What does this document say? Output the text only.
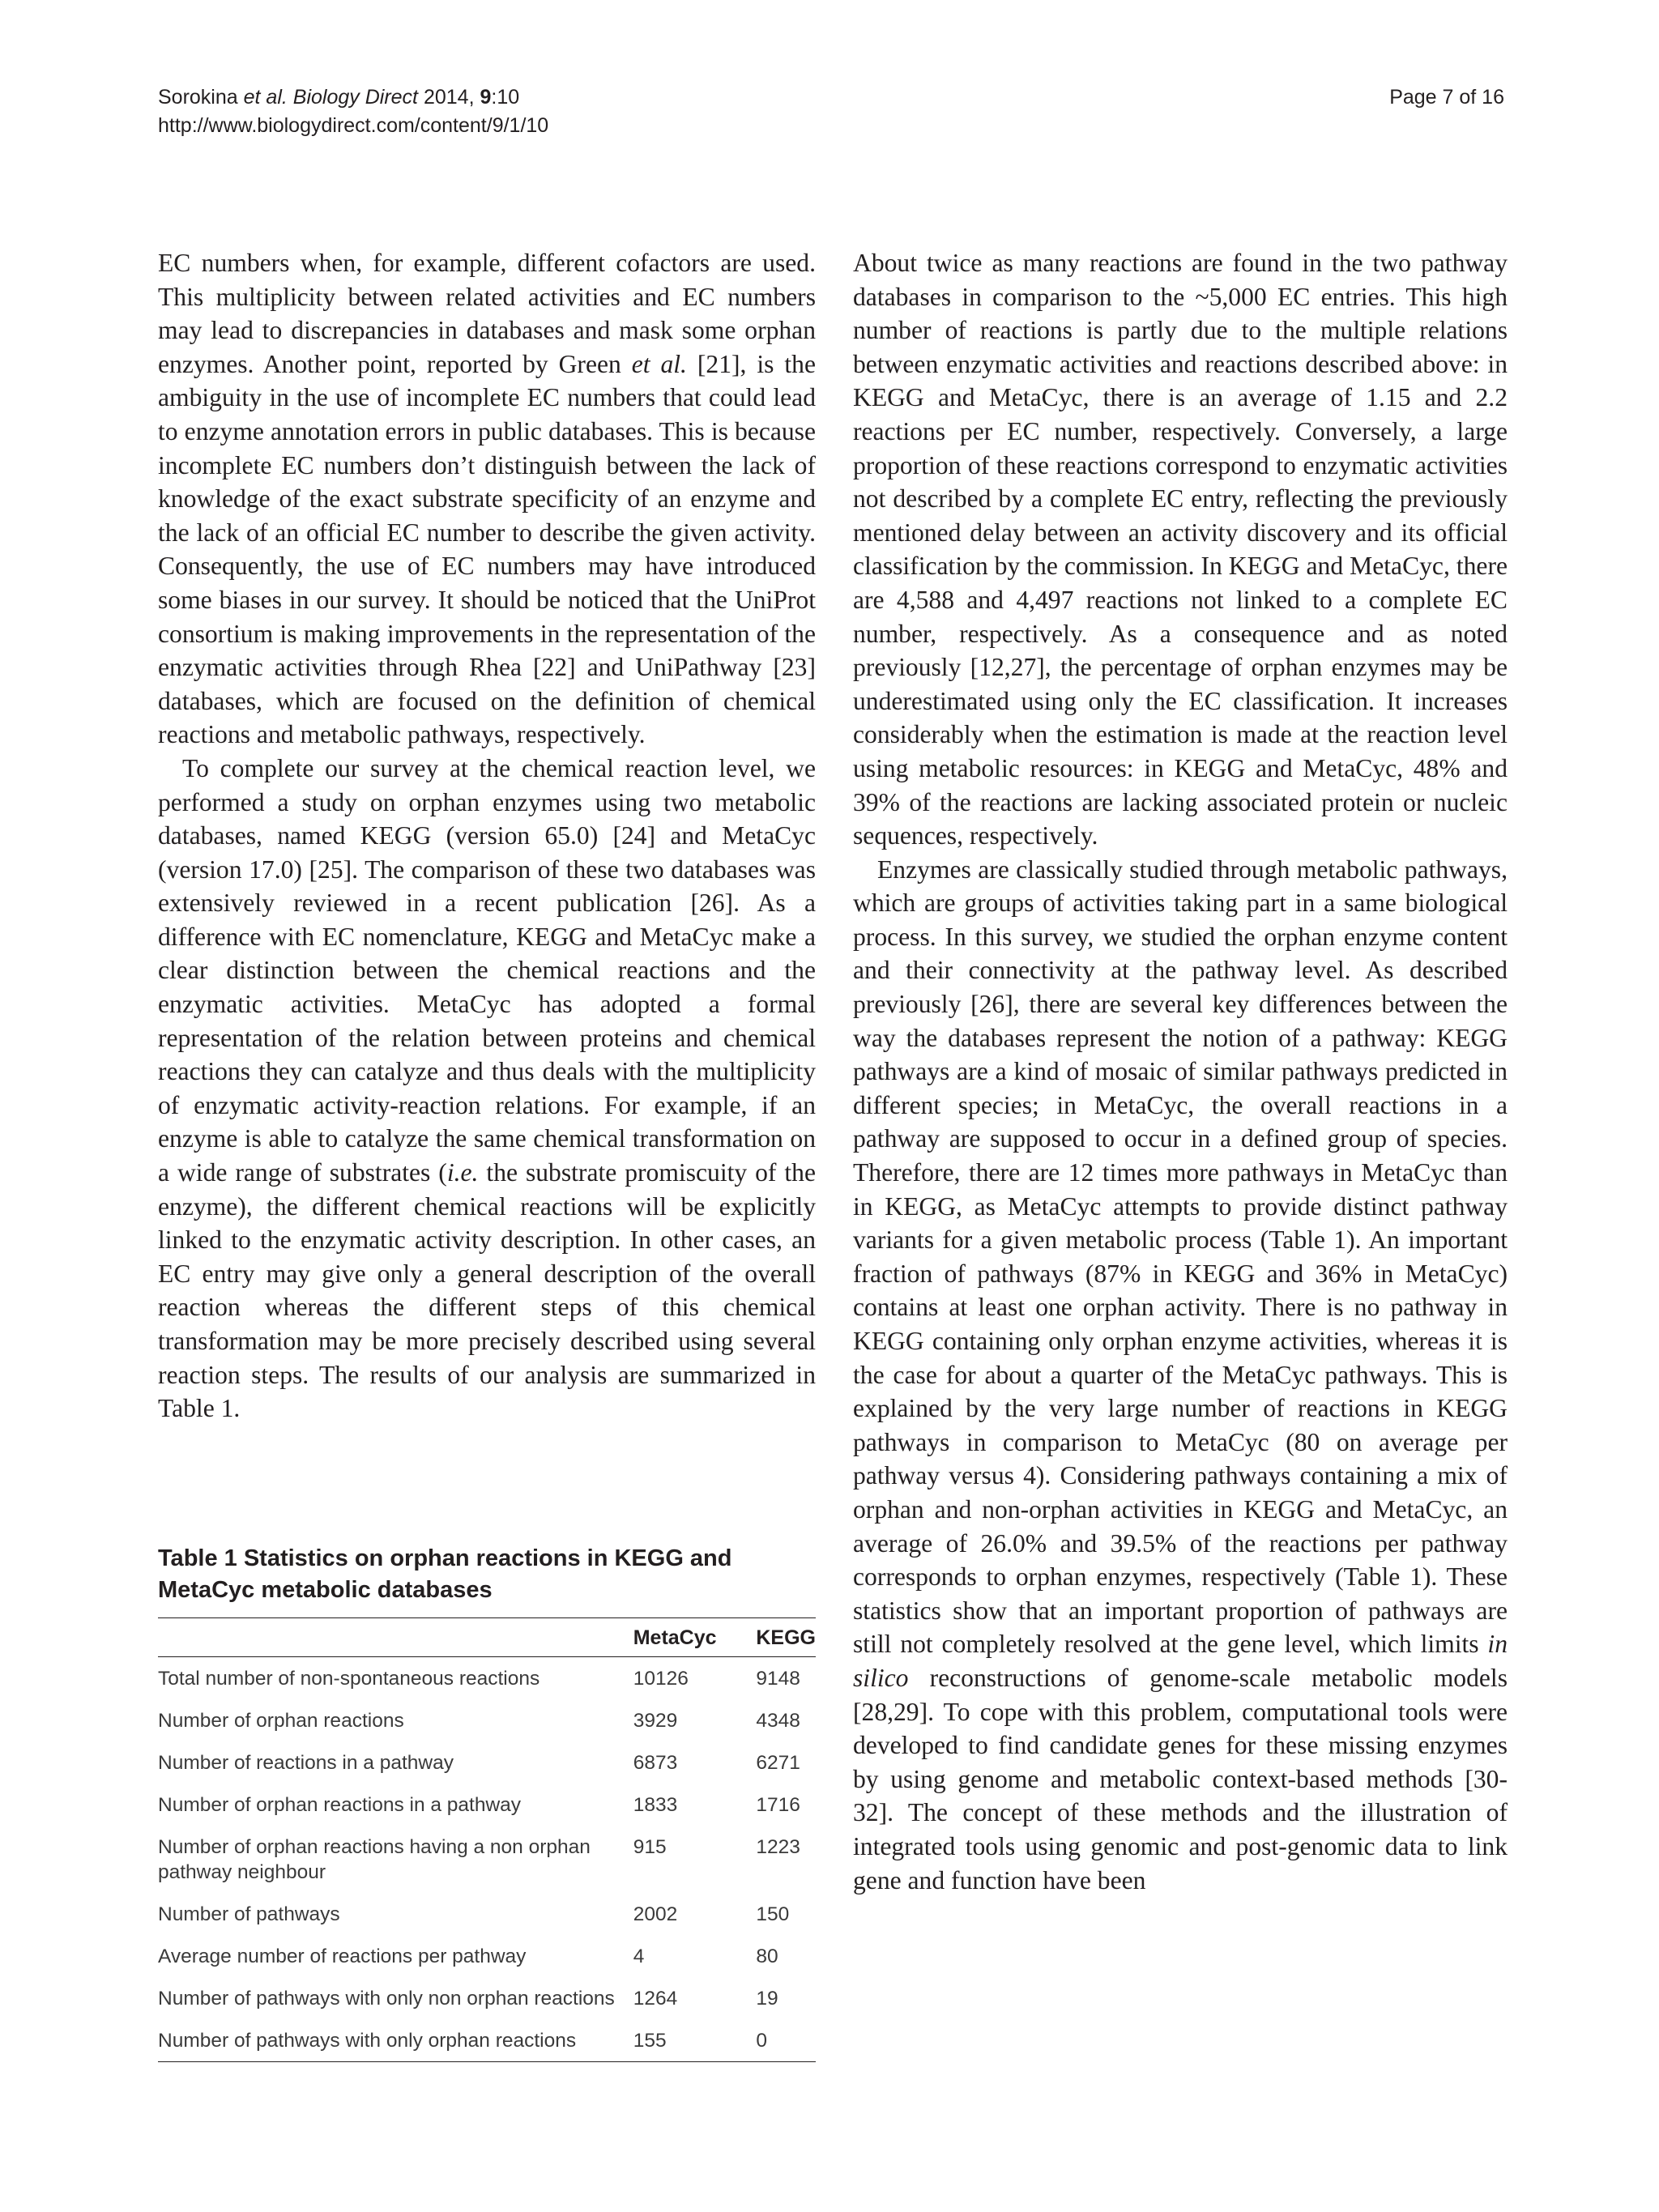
Sorokina et al. Biology Direct 2014, 9:10
http://www.biologydirect.com/content/9/1/10
Page 7 of 16

EC numbers when, for example, different cofactors are used. This multiplicity between related activities and EC numbers may lead to discrepancies in databases and mask some orphan enzymes. Another point, reported by Green et al. [21], is the ambiguity in the use of incomplete EC numbers that could lead to enzyme annotation errors in public databases. This is because incomplete EC numbers don’t distinguish between the lack of knowledge of the exact substrate specificity of an enzyme and the lack of an official EC number to describe the given activity. Consequently, the use of EC numbers may have introduced some biases in our survey. It should be noticed that the UniProt consortium is making improvements in the representation of the enzymatic activities through Rhea [22] and UniPathway [23] databases, which are focused on the definition of chemical reactions and metabolic pathways, respectively.

To complete our survey at the chemical reaction level, we performed a study on orphan enzymes using two metabolic databases, named KEGG (version 65.0) [24] and MetaCyc (version 17.0) [25]. The comparison of these two databases was extensively reviewed in a recent publication [26]. As a difference with EC nomenclature, KEGG and MetaCyc make a clear distinction between the chemical reactions and the enzymatic activities. MetaCyc has adopted a formal representation of the relation between proteins and chemical reactions they can catalyze and thus deals with the multiplicity of enzymatic activity-reaction relations. For example, if an enzyme is able to catalyze the same chemical transformation on a wide range of substrates (i.e. the substrate promiscuity of the enzyme), the different chemical reactions will be explicitly linked to the enzymatic activity description. In other cases, an EC entry may give only a general description of the overall reaction whereas the different steps of this chemical transformation may be more precisely described using several reaction steps. The results of our analysis are summarized in Table 1.

Table 1 Statistics on orphan reactions in KEGG and MetaCyc metabolic databases
	MetaCyc	KEGG
Total number of non-spontaneous reactions	10126	9148
Number of orphan reactions	3929	4348
Number of reactions in a pathway	6873	6271
Number of orphan reactions in a pathway	1833	1716
Number of orphan reactions having a non orphan pathway neighbour	915	1223
Number of pathways	2002	150
Average number of reactions per pathway	4	80
Number of pathways with only non orphan reactions	1264	19
Number of pathways with only orphan reactions	155	0

About twice as many reactions are found in the two pathway databases in comparison to the ~5,000 EC entries. This high number of reactions is partly due to the multiple relations between enzymatic activities and reactions described above: in KEGG and MetaCyc, there is an average of 1.15 and 2.2 reactions per EC number, respectively. Conversely, a large proportion of these reactions correspond to enzymatic activities not described by a complete EC entry, reflecting the previously mentioned delay between an activity discovery and its official classification by the commission. In KEGG and MetaCyc, there are 4,588 and 4,497 reactions not linked to a complete EC number, respectively. As a consequence and as noted previously [12,27], the percentage of orphan enzymes may be underestimated using only the EC classification. It increases considerably when the estimation is made at the reaction level using metabolic resources: in KEGG and MetaCyc, 48% and 39% of the reactions are lacking associated protein or nucleic sequences, respectively.

Enzymes are classically studied through metabolic pathways, which are groups of activities taking part in a same biological process. In this survey, we studied the orphan enzyme content and their connectivity at the pathway level. As described previously [26], there are several key differences between the way the databases represent the notion of a pathway: KEGG pathways are a kind of mosaic of similar pathways predicted in different species; in MetaCyc, the overall reactions in a pathway are supposed to occur in a defined group of species. Therefore, there are 12 times more pathways in MetaCyc than in KEGG, as MetaCyc attempts to provide distinct pathway variants for a given metabolic process (Table 1). An important fraction of pathways (87% in KEGG and 36% in MetaCyc) contains at least one orphan activity. There is no pathway in KEGG containing only orphan enzyme activities, whereas it is the case for about a quarter of the MetaCyc pathways. This is explained by the very large number of reactions in KEGG pathways in comparison to MetaCyc (80 on average per pathway versus 4). Considering pathways containing a mix of orphan and non-orphan activities in KEGG and MetaCyc, an average of 26.0% and 39.5% of the reactions per pathway corresponds to orphan enzymes, respectively (Table 1). These statistics show that an important proportion of pathways are still not completely resolved at the gene level, which limits in silico reconstructions of genome-scale metabolic models [28,29]. To cope with this problem, computational tools were developed to find candidate genes for these missing enzymes by using genome and metabolic context-based methods [30-32]. The concept of these methods and the illustration of integrated tools using genomic and post-genomic data to link gene and function have been
